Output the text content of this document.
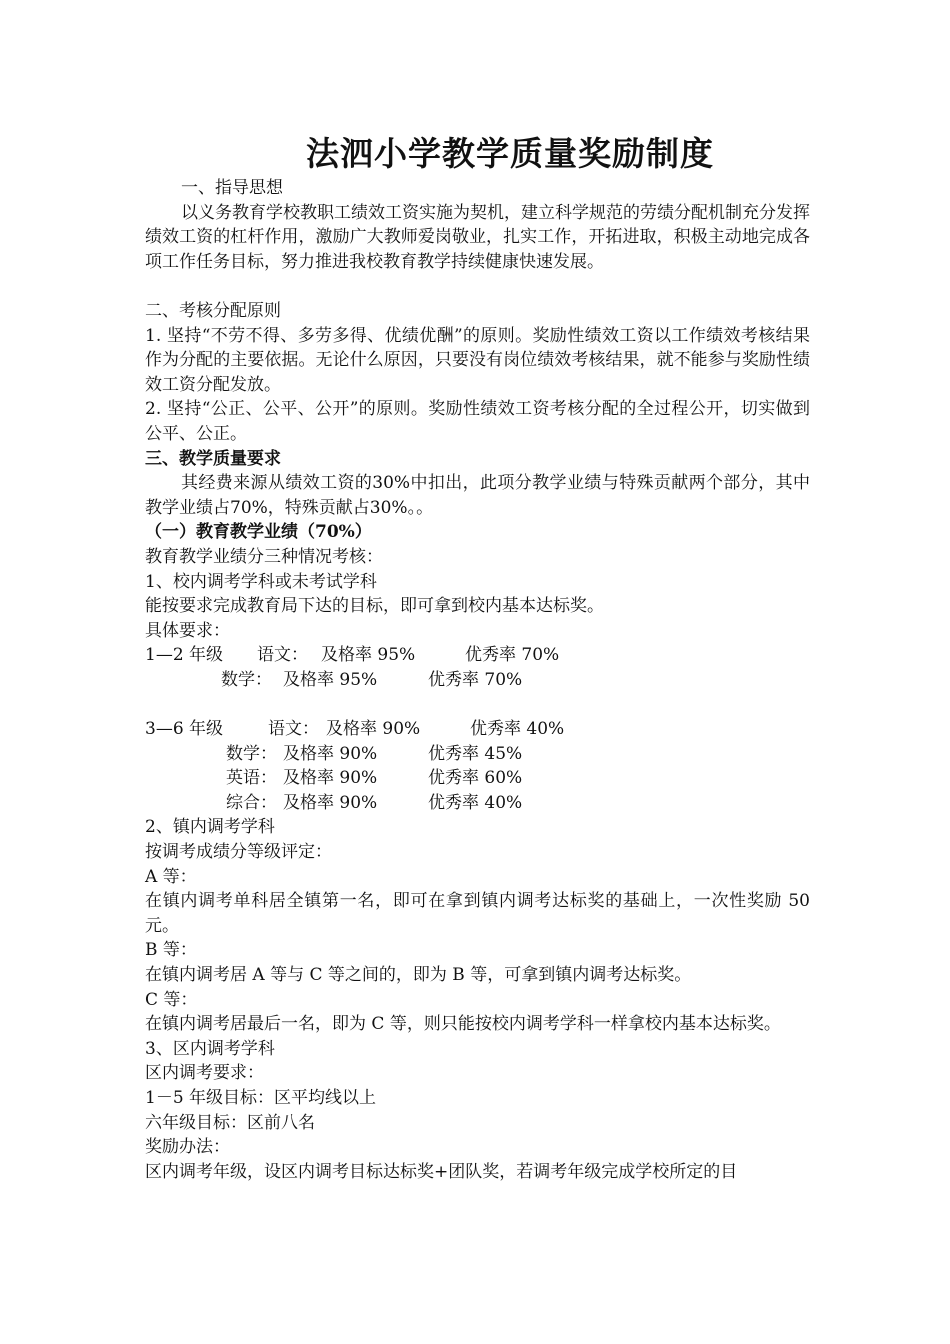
法泗小学教学质量奖励制度

一、指导思想

以义务教育学校教职工绩效工资实施为契机，建立科学规范的劳绩分配机制充分发挥绩效工资的杠杆作用，激励广大教师爱岗敬业，扎实工作，开拓进取，积极主动地完成各项工作任务目标，努力推进我校教育教学持续健康快速发展。

二、考核分配原则

1. 坚持“不劳不得、多劳多得、优绩优酬”的原则。奖励性绩效工资以工作绩效考核结果作为分配的主要依据。无论什么原因，只要没有岗位绩效考核结果，就不能参与奖励性绩效工资分配发放。

2. 坚持“公正、公平、公开”的原则。奖励性绩效工资考核分配的全过程公开，切实做到公平、公正。

三、教学质量要求

其经费来源从绩效工资的30%中扣出，此项分教学业绩与特殊贡献两个部分，其中教学业绩占70%，特殊贡献占30%。。

（一）教育教学业绩（70%）

教育教学业绩分三种情况考核：

1、校内调考学科或未考试学科

能按要求完成教育局下达的目标，即可拿到校内基本达标奖。

具体要求：

1—2 年级 语文： 及格率 95%	优秀率 70%
数学： 及格率 95%	优秀率 70%
3—6 年级	语文： 及格率 90%	优秀率 40%
数学： 及格率 90%	优秀率 45%
英语： 及格率 90%	优秀率 60%
综合： 及格率 90%	优秀率 40%

2、镇内调考学科

按调考成绩分等级评定：

A 等：

在镇内调考单科居全镇第一名，即可在拿到镇内调考达标奖的基础上，一次性奖励 50 元。

B 等：

在镇内调考居 A 等与 C 等之间的，即为 B 等，可拿到镇内调考达标奖。

C 等：

在镇内调考居最后一名，即为 C 等，则只能按校内调考学科一样拿校内基本达标奖。

3、区内调考学科

区内调考要求：

1－5 年级目标：区平均线以上

六年级目标：区前八名

奖励办法：

区内调考年级，设区内调考目标达标奖+团队奖，若调考年级完成学校所定的目
